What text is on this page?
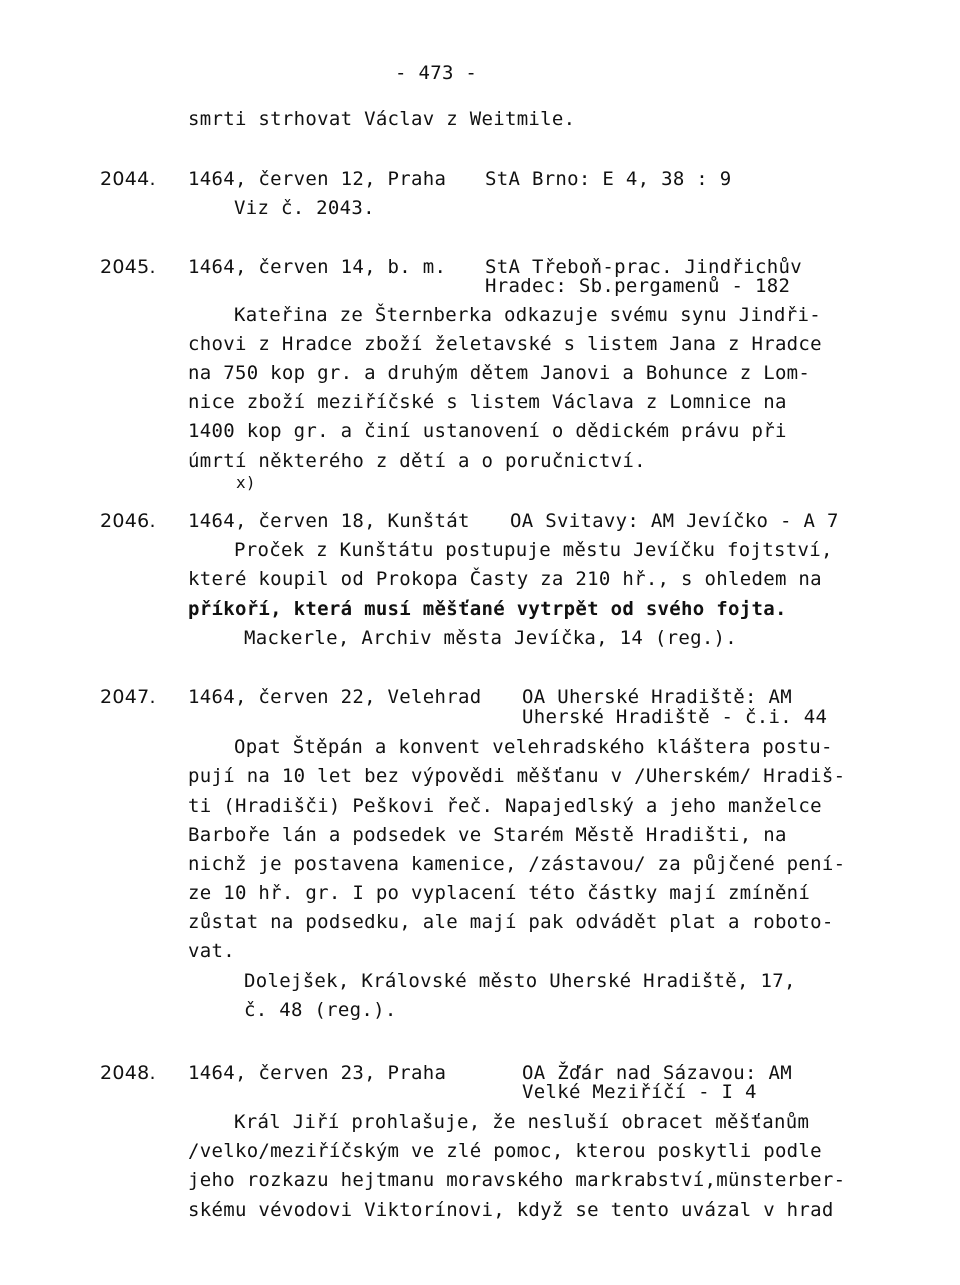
- 473 -
smrti strhovat Václav z Weitmile.
2044. 1464, červen 12, Praha StA Brno: E 4, 38 : 9
Viz č. 2043.
2045. 1464, červen 14, b. m. StA Třeboň-prac. Jindřichův
Hradec: Sb.pergamenů - 182
Kateřina ze Šternberka odkazuje svému synu Jindři-
chovi z Hradce zboží želetavské s listem Jana z Hradce
na 750 kop gr. a druhým dětem Janovi a Bohunce z Lom-
nice zboží meziříčské s listem Václava z Lomnice na
1400 kop gr. a činí ustanovení o dědickém právu při
úmrtí některého z dětí a o poručnictví.
x)
2046. 1464, červen 18, Kunštát OA Svitavy: AM Jevíčko - A 7
Proček z Kunštátu postupuje městu Jevíčku fojtství,
které koupil od Prokopa Časty za 210 hř., s ohledem na
příkoří, která musí měšťané vytrpět od svého fojta.
Mackerle, Archiv města Jevíčka, 14 (reg.).
2047. 1464, červen 22, Velehrad OA Uherské Hradiště: AM
Uherské Hradiště - č.i. 44
Opat Štěpán a konvent velehradského kláštera postu-
pují na 10 let bez výpovědi měšťanu v /Uherském/ Hradiš-
ti (Hradišči) Peškovi řeč. Napajedlský a jeho manželce
Barboře lán a podsedek ve Starém Městě Hradišti, na
nichž je postavena kamenice, /zástavou/ za půjčené pení-
ze 10 hř. gr. I po vyplacení této částky mají zmínění
zůstat na podsedku, ale mají pak odvádět plat a roboto-
vat.
Dolejšek, Královské město Uherské Hradiště, 17,
č. 48 (reg.).
2048. 1464, červen 23, Praha	OA Žďár nad Sázavou: AM
Velké Meziříčí - I 4
Král Jiří prohlašuje, že nesluší obracet měšťanům
/velko/meziříčským ve zlé pomoc, kterou poskytli podle
jeho rozkazu hejtmanu moravského markrabství,münsterber-
skému vévodovi Viktorínovi, když se tento uvázal v hrad
